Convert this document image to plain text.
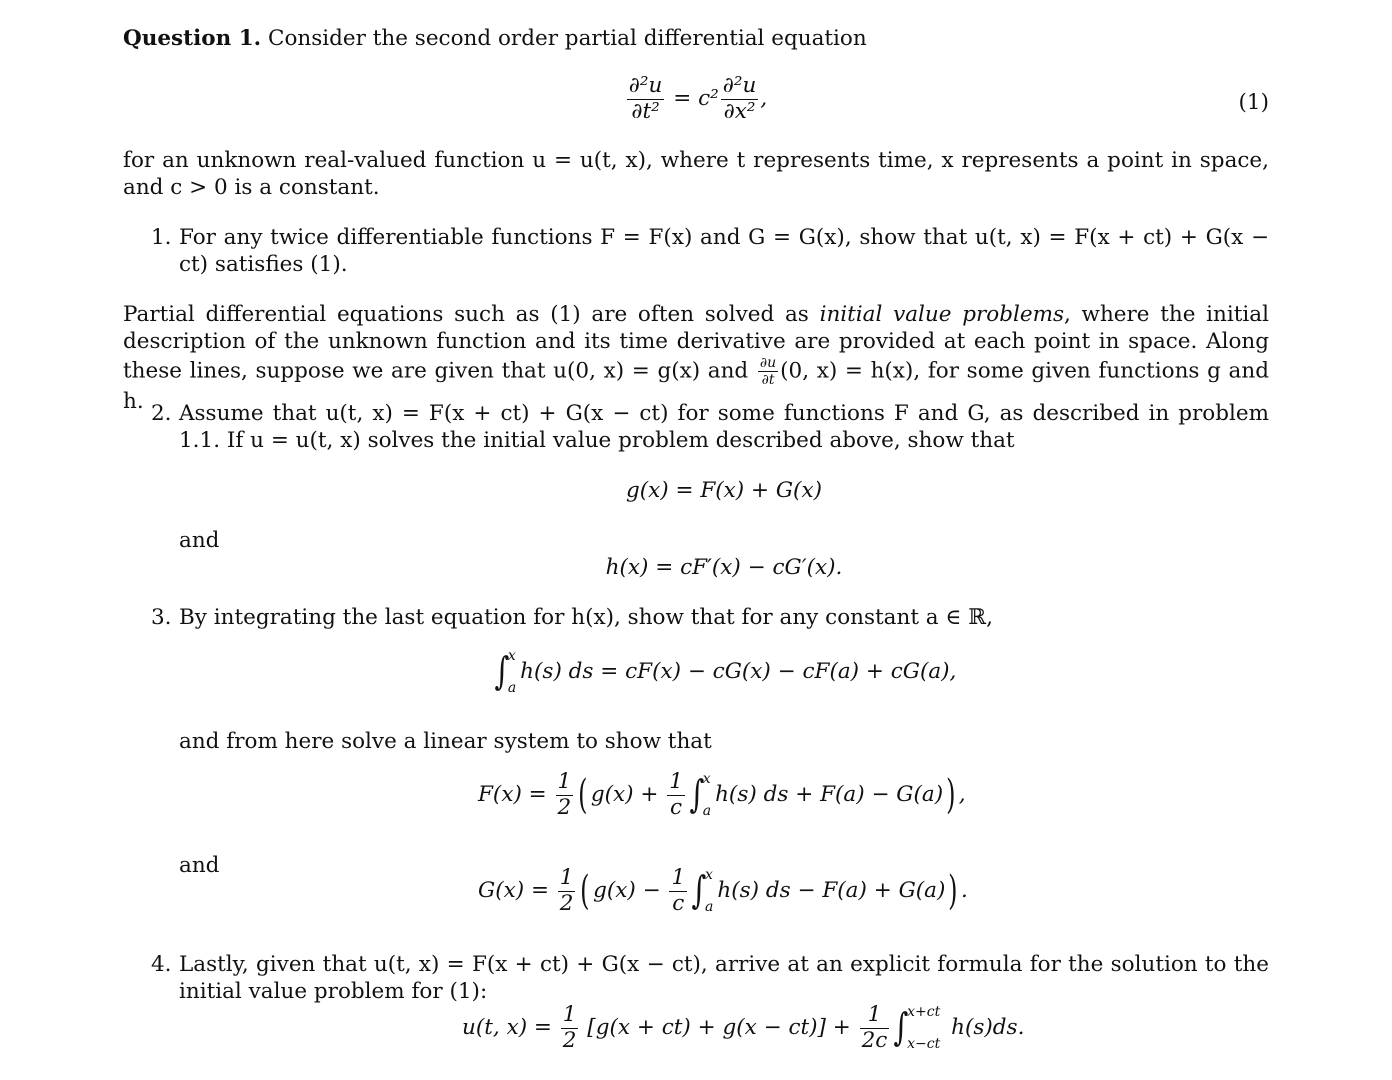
Question 1. Consider the second order partial differential equation
$\frac{\text{∂²u}}{\text{∂t²}} = c^2 \frac{\text{∂²u}}{\text{∂x²}}$ ,	(1)
for an unknown real-valued function u = u(t, x), where t represents time, x represents a point in space, and c > 0 is a constant.
1. For any twice differentiable functions F = F(x) and G = G(x), show that u(t, x) = F(x + ct) + G(x − ct) satisfies (1).
Partial differential equations such as (1) are often solved as initial value problems, where the initial description of the unknown function and its time derivative are provided at each point in space. Along these lines, suppose we are given that u(0, x) = g(x) and $\frac{\partial u}{\partial t} (0$, x) = h(x), for some given functions g and h. 2. Assume that u(t, x) = F(x + ct) + G(x − ct) for some functions F and G, as described in problem 1.1. If u = u(t, x) solves the initial value problem described above, show that
g(x) = F(x) + G(x)
and
h(x) = cF′(x) − cG′(x).
3. By integrating the last equation for h(x), show that for any constant a ∈ ℝ,
∫
x
a
h(s) ds = cF(x) − cG(x) − cF(a) + cG(a),
and from here solve a linear system to show that
$F(x) = \frac{1}{2}$ ( $g(x) + \frac{1}{c}$ ∫
x
a
h(s) ds + F(a) − G(a)) ,
and
$G(x) = \frac{1}{2}$ ( $g(x) - \frac{1}{c}$ ∫
x
a
h(s) ds − F(a) + G(a)) .
4. Lastly, given that u(t, x) = F(x + ct) + G(x − ct), arrive at an explicit formula for the solution to the initial value problem for (1):
u(t, $x) = \frac{1}{2} [g(x + ct) + g(x - ct)] + \frac{1}{2c}$ ∫
x+ct
x−ct
h(s)ds.
